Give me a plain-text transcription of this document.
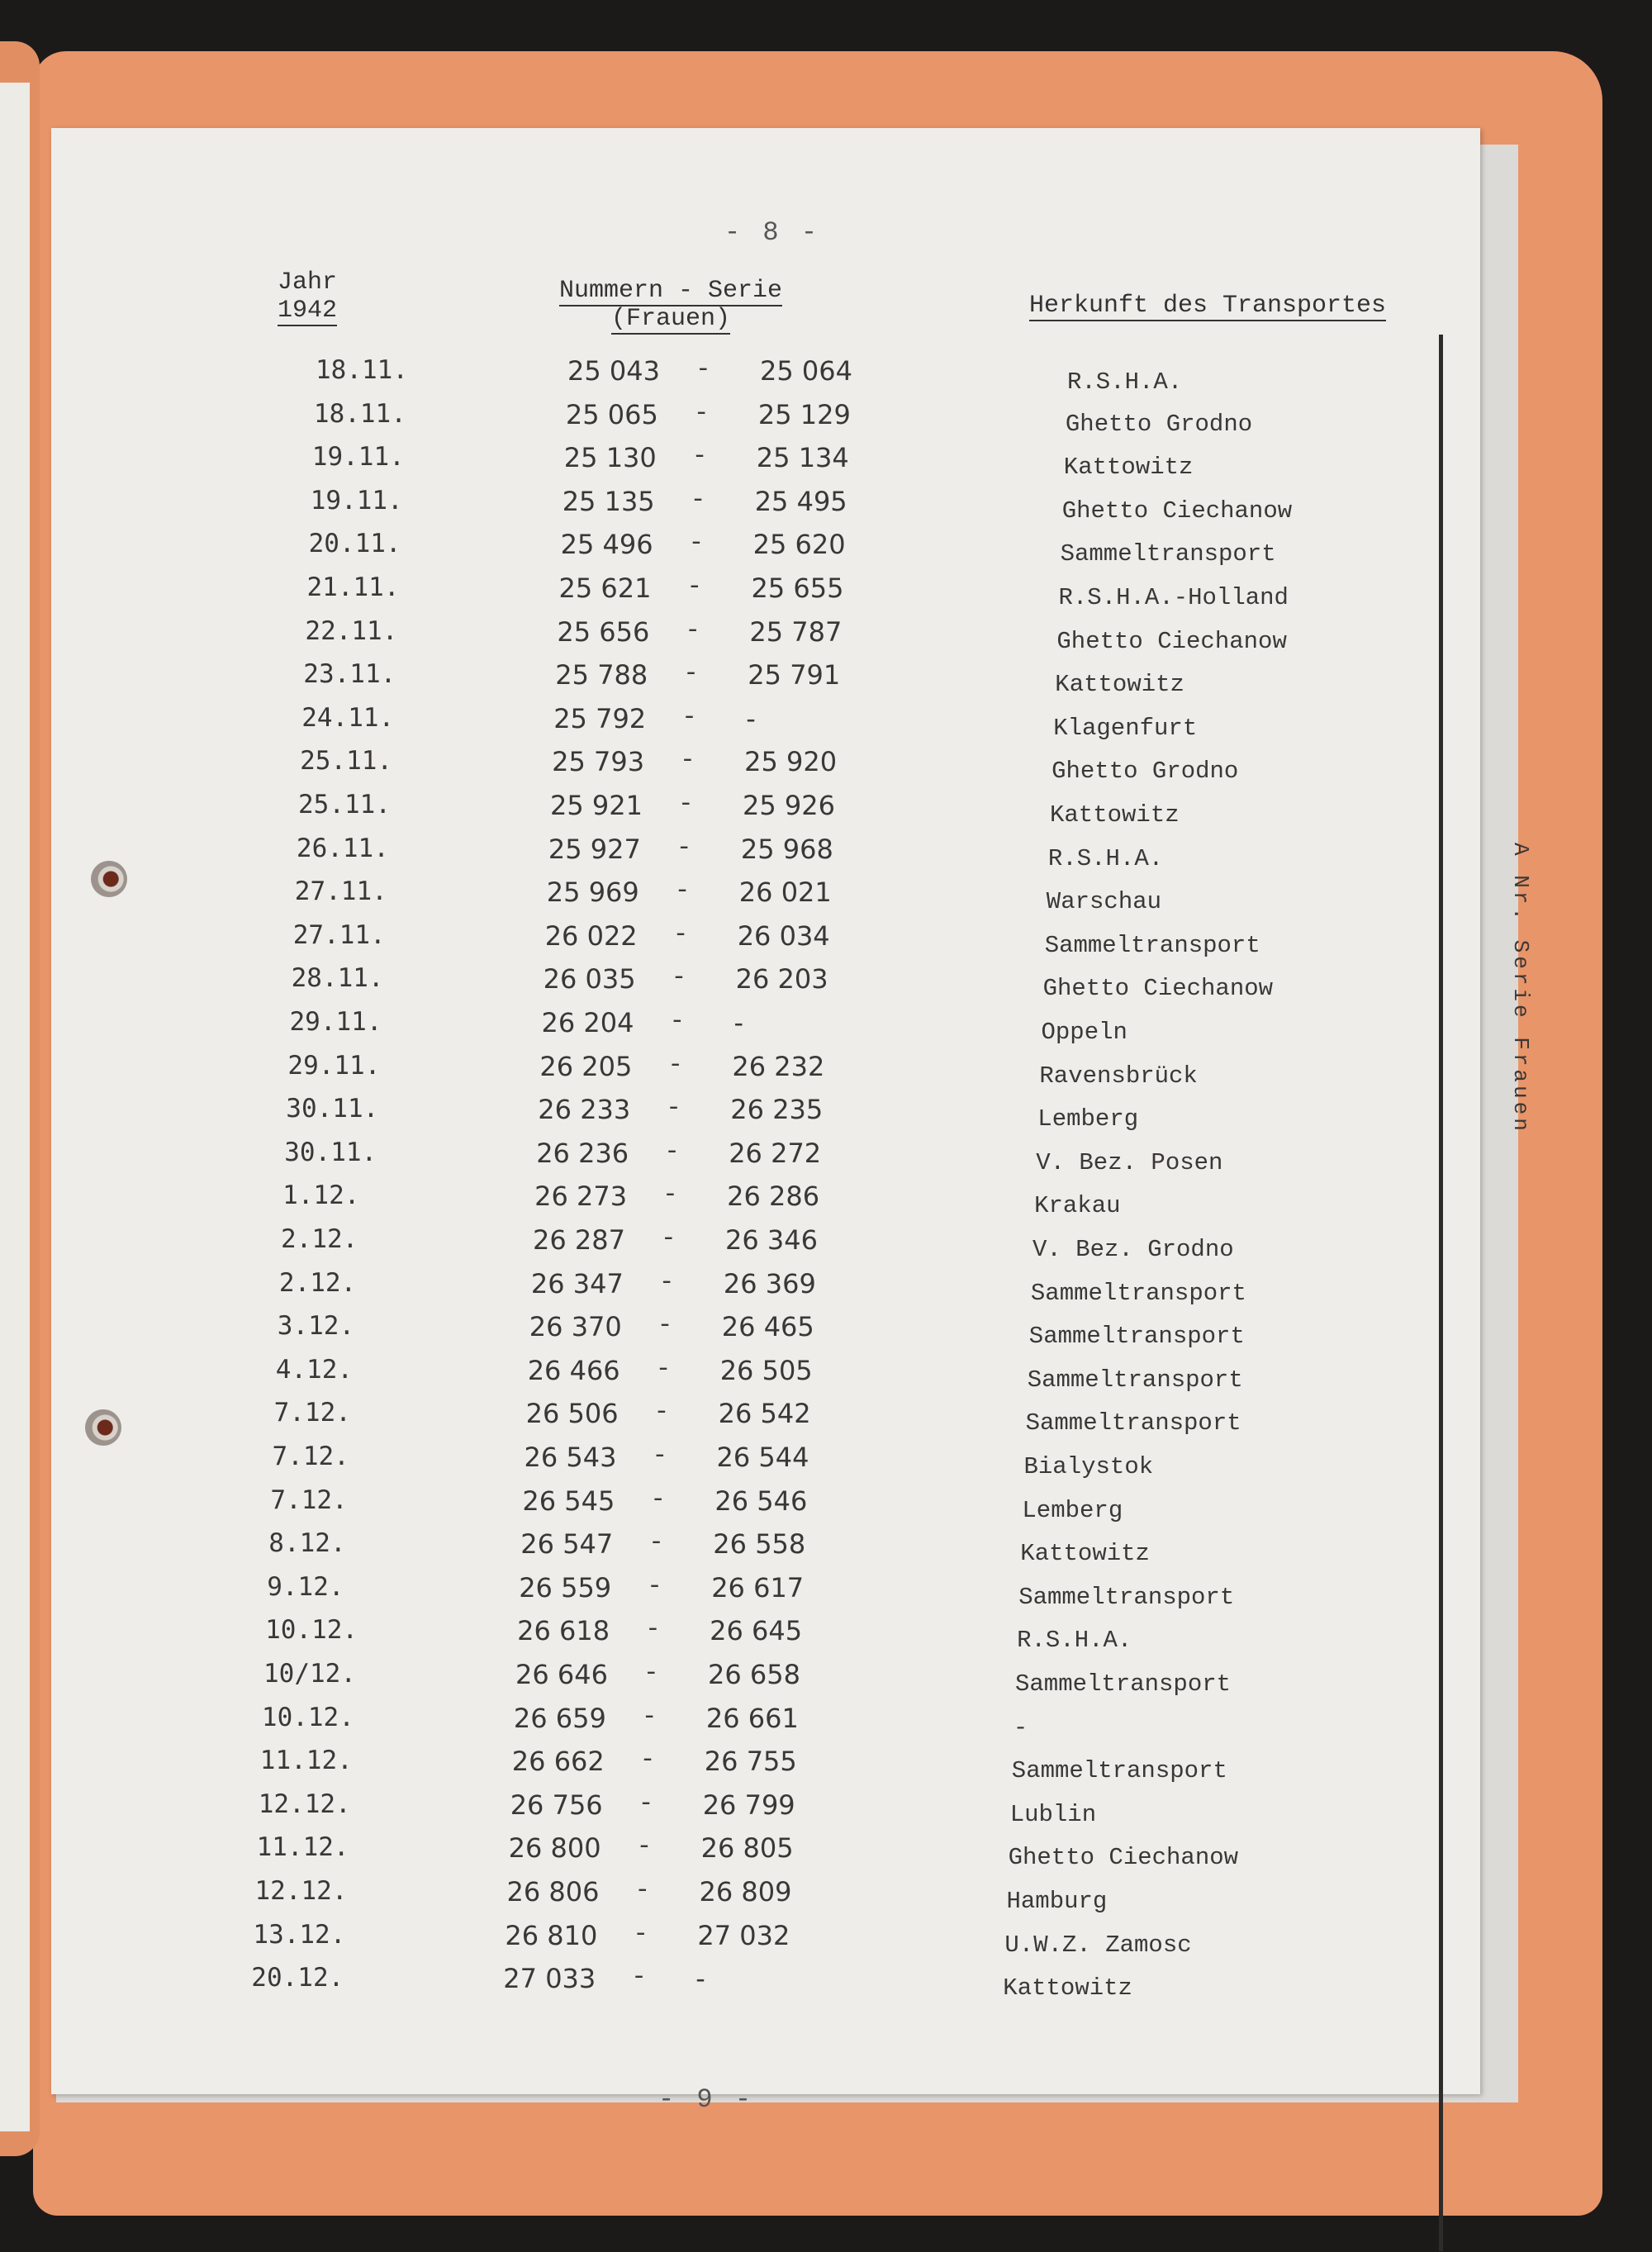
A Nr. Serie Frauen
- 8 -
Jahr
1942
Nummern - Serie
(Frauen)	Herkunft des Transportes
18.11.	25 043 - 25 064	R.S.H.A.
18.11.	25 065 - 25 129	Ghetto Grodno
19.11.	25 130 - 25 134	Kattowitz
19.11.	25 135 - 25 495	Ghetto Ciechanow
20.11.	25 496 - 25 620	Sammeltransport
21.11.	25 621 - 25 655	R.S.H.A.-Holland
22.11.	25 656 - 25 787	Ghetto Ciechanow
23.11.	25 788 - 25 791	Kattowitz
24.11.	25 792 - -	Klagenfurt
25.11.	25 793 - 25 920	Ghetto Grodno
25.11.	25 921 - 25 926	Kattowitz
26.11.	25 927 - 25 968	R.S.H.A.
27.11.	25 969 - 26 021	Warschau
27.11.	26 022 - 26 034	Sammeltransport
28.11.	26 035 - 26 203	Ghetto Ciechanow
29.11.	26 204 - -	Oppeln
29.11.	26 205 - 26 232	Ravensbrück
30.11.	26 233 - 26 235	Lemberg
30.11.	26 236 - 26 272	V. Bez. Posen
1.12.	26 273 - 26 286	Krakau
2.12.	26 287 - 26 346	V. Bez. Grodno
2.12.	26 347 - 26 369	Sammeltransport
3.12.	26 370 - 26 465	Sammeltransport
4.12.	26 466 - 26 505	Sammeltransport
7.12.	26 506 - 26 542	Sammeltransport
7.12.	26 543 - 26 544	Bialystok
7.12.	26 545 - 26 546	Lemberg
8.12.	26 547 - 26 558	Kattowitz
9.12.	26 559 - 26 617	Sammeltransport
10.12.	26 618 - 26 645	R.S.H.A.
10/12.	26 646 - 26 658	Sammeltransport
10.12.	26 659 - 26 661	-
11.12.	26 662 - 26 755	Sammeltransport
12.12.	26 756 - 26 799	Lublin
11.12.	26 800 - 26 805	Ghetto Ciechanow
12.12.	26 806 - 26 809	Hamburg
13.12.	26 810 - 27 032	U.W.Z. Zamosc
20.12.	27 033 - -	Kattowitz
- 9 -
